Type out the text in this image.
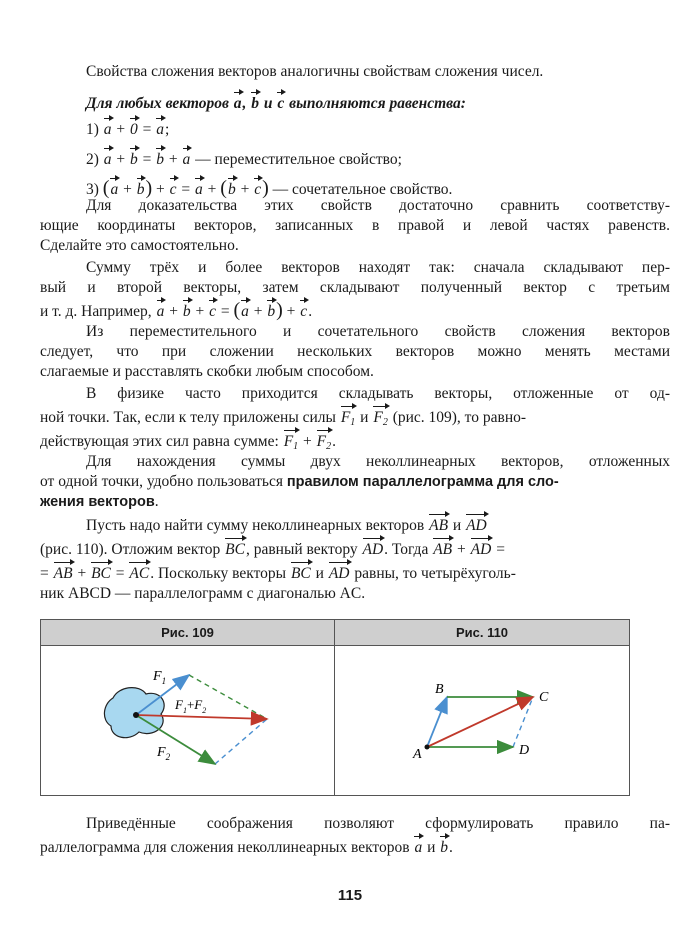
Свойства сложения векторов аналогичны свойствам сложения чисел.
Для любых векторов a, b и c выполняются равенства:
1) a + 0 = a;
2) a + b = b + a — переместительное свойство;
3) (a + b) + c = a + (b + c) — сочетательное свойство.
Для доказательства этих свойств достаточно сравнить соответству-
ющие координаты векторов, записанных в правой и левой частях равенств.
Сделайте это самостоятельно.
Сумму трёх и более векторов находят так: сначала складывают пер-
вый и второй векторы, затем складывают полученный вектор с третьим
и т. д. Например, a + b + c = (a + b) + c.
Из переместительного и сочетательного свойств сложения векторов
следует, что при сложении нескольких векторов можно менять местами
слагаемые и расставлять скобки любым способом.
В физике часто приходится складывать векторы, отложенные от од-
ной точки. Так, если к телу приложены силы $F_1$ и $F_2$ (рис. 109), то равно-
действующая этих сил равна сумме: $F_1 + F_2$.
Для нахождения суммы двух неколлинеарных векторов, отложенных
от одной точки, удобно пользоваться правилом параллелограмма для сло-
жения векторов.
Пусть надо найти сумму неколлинеарных векторов AB и AD
(рис. 110). Отложим вектор BC, равный вектору AD. Тогда AB + AD =
= AB + BC = AC. Поскольку векторы BC и AD равны, то четырёхуголь-
ник ABCD — параллелограмм с диагональю AC.
Рис. 109
$F_1$
$F_2$
$F_1+F_2$
Рис. 110
A
B
C
D
Приведённые соображения позволяют сформулировать правило па-
раллелограмма для сложения неколлинеарных векторов a и b.
115
